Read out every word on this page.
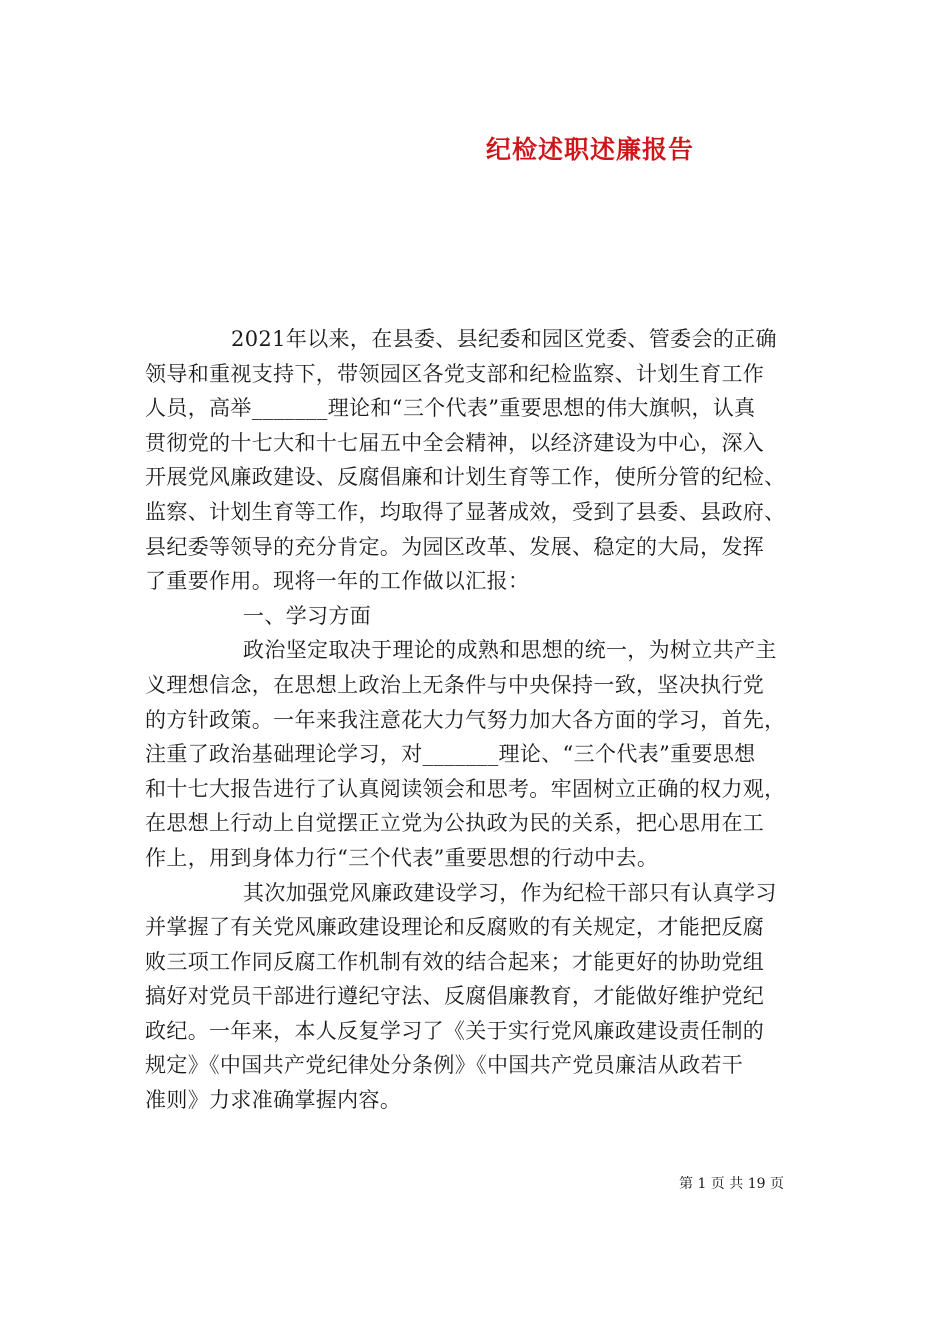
纪检述职述廉报告
2021年以来，在县委、县纪委和园区党委、管委会的正确
领导和重视支持下，带领园区各党支部和纪检监察、计划生育工作
人员，高举_______理论和“三个代表”重要思想的伟大旗帜，认真
贯彻党的十七大和十七届五中全会精神，以经济建设为中心，深入
开展党风廉政建设、反腐倡廉和计划生育等工作，使所分管的纪检、
监察、计划生育等工作，均取得了显著成效，受到了县委、县政府、
县纪委等领导的充分肯定。为园区改革、发展、稳定的大局，发挥
了重要作用。现将一年的工作做以汇报：
一、学习方面
政治坚定取决于理论的成熟和思想的统一，为树立共产主
义理想信念，在思想上政治上无条件与中央保持一致，坚决执行党
的方针政策。一年来我注意花大力气努力加大各方面的学习，首先，
注重了政治基础理论学习，对_______理论、“三个代表”重要思想
和十七大报告进行了认真阅读领会和思考。牢固树立正确的权力观，
在思想上行动上自觉摆正立党为公执政为民的关系，把心思用在工
作上，用到身体力行“三个代表”重要思想的行动中去。
其次加强党风廉政建设学习，作为纪检干部只有认真学习
并掌握了有关党风廉政建设理论和反腐败的有关规定，才能把反腐
败三项工作同反腐工作机制有效的结合起来；才能更好的协助党组
搞好对党员干部进行遵纪守法、反腐倡廉教育，才能做好维护党纪
政纪。一年来，本人反复学习了《关于实行党风廉政建设责任制的
规定》《中国共产党纪律处分条例》《中国共产党员廉洁从政若干
准则》力求准确掌握内容。
第 1 页 共 19 页
